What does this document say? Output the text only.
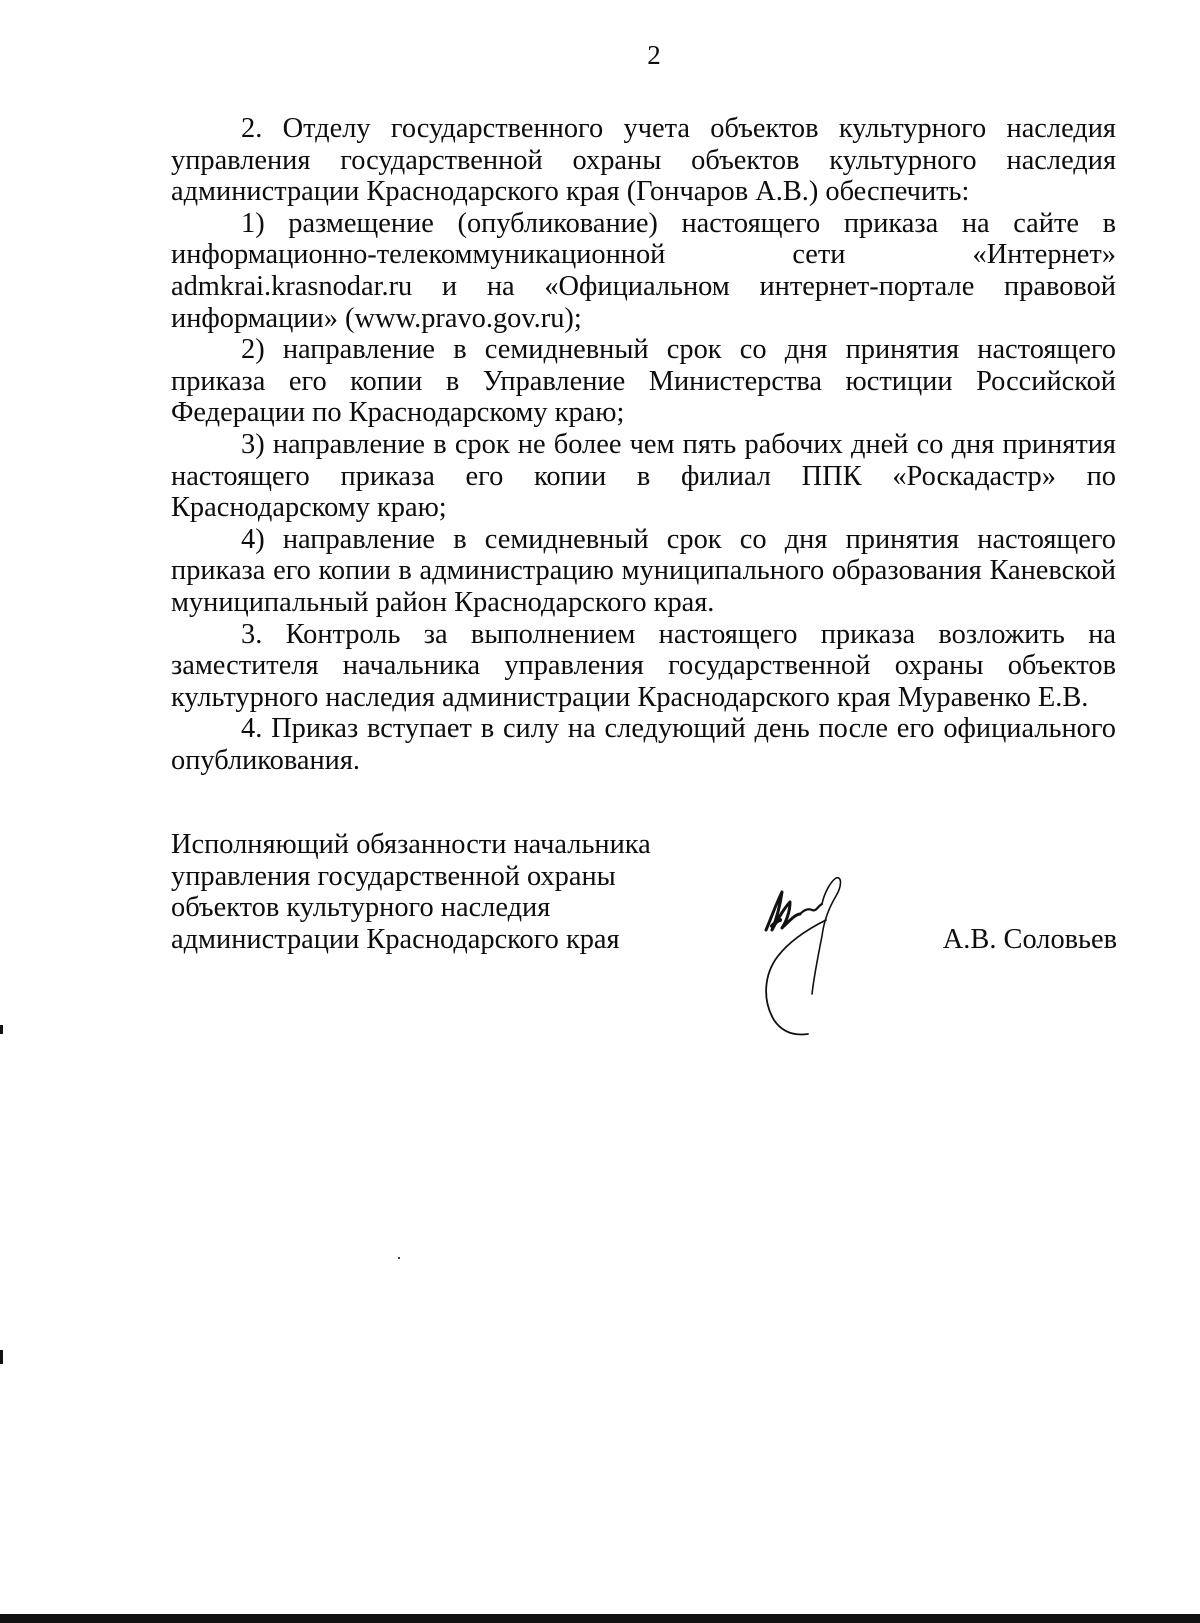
2

2. Отделу государственного учета объектов культурного наследия управления государственной охраны объектов культурного наследия администрации Краснодарского края (Гончаров А.В.) обеспечить:

1) размещение (опубликование) настоящего приказа на сайте в информационно-телекоммуникационной сети «Интернет» admkrai.krasnodar.ru и на «Официальном интернет-портале правовой информации» (www.pravo.gov.ru);

2) направление в семидневный срок со дня принятия настоящего приказа его копии в Управление Министерства юстиции Российской Федерации по Краснодарскому краю;

3) направление в срок не более чем пять рабочих дней со дня принятия настоящего приказа его копии в филиал ППК «Роскадастр» по Краснодарскому краю;

4) направление в семидневный срок со дня принятия настоящего приказа его копии в администрацию муниципального образования Каневской муниципальный район Краснодарского края.

3. Контроль за выполнением настоящего приказа возложить на заместителя начальника управления государственной охраны объектов культурного наследия администрации Краснодарского края Муравенко Е.В.

4. Приказ вступает в силу на следующий день после его официального опубликования.

Исполняющий обязанности начальника
управления государственной охраны
объектов культурного наследия
администрации Краснодарского края	А.В. Соловьев
